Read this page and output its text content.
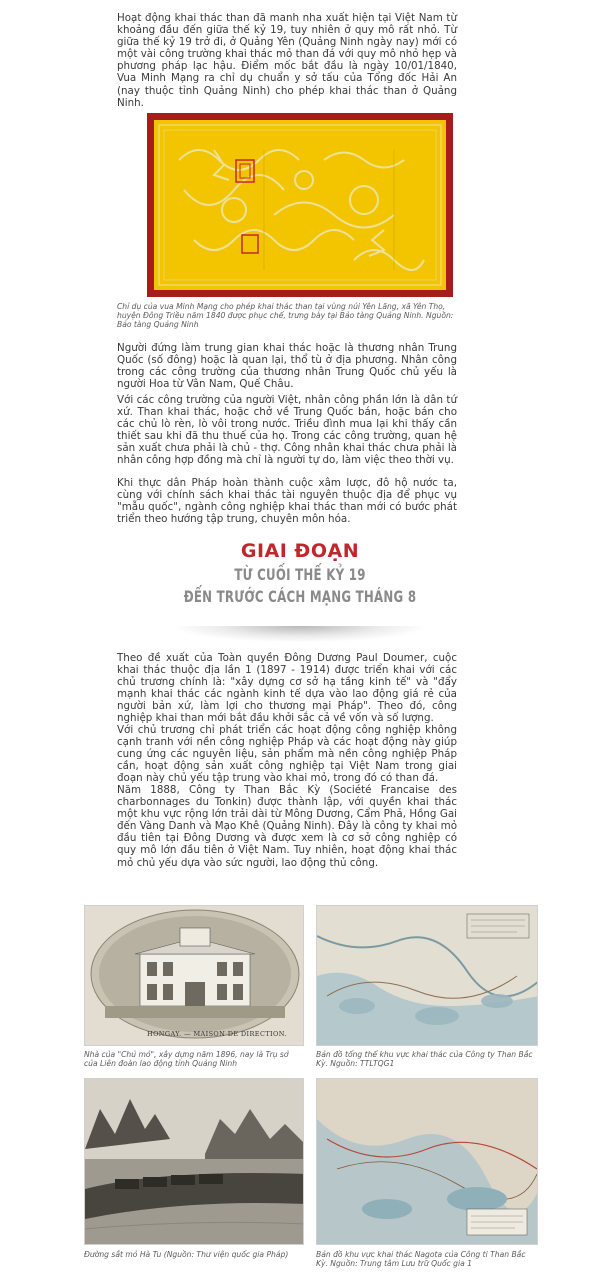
Hoạt động khai thác than đã manh nha xuất hiện tại Việt Nam từ khoảng đầu đến giữa thế kỷ 19, tuy nhiên ở quy mô rất nhỏ. Từ giữa thế kỷ 19 trở đi, ở Quảng Yên (Quảng Ninh ngày nay) mới có một vài công trường khai thác mỏ than đá với quy mô nhỏ hẹp và phương pháp lạc hậu. Điểm mốc bắt đầu là ngày 10/01/1840, Vua Minh Mạng ra chỉ dụ chuẩn y sở tấu của Tổng đốc Hải An (nay thuộc tỉnh Quảng Ninh) cho phép khai thác than ở Quảng Ninh.

Chỉ dụ của vua Minh Mạng cho phép khai thác than tại vùng núi Yên Lãng, xã Yên Thọ, huyện Đông Triều năm 1840 được phục chế, trưng bày tại Bảo tàng Quảng Ninh. Nguồn: Bảo tàng Quảng Ninh

Người đứng làm trung gian khai thác hoặc là thương nhân Trung Quốc (số đông) hoặc là quan lại, thổ tù ở địa phương. Nhân công trong các công trường của thương nhân Trung Quốc chủ yếu là người Hoa từ Vân Nam, Quế Châu.

Với các công trường của người Việt, nhân công phần lớn là dân tứ xứ. Than khai thác, hoặc chở về Trung Quốc bán, hoặc bán cho các chủ lò rèn, lò vôi trong nước. Triều đình mua lại khi thấy cần thiết sau khi đã thu thuế của họ. Trong các công trường, quan hệ sản xuất chưa phải là chủ - thợ. Công nhân khai thác chưa phải là nhân công hợp đồng mà chỉ là người tự do, làm việc theo thời vụ.

Khi thực dân Pháp hoàn thành cuộc xâm lược, đô hộ nước ta, cùng với chính sách khai thác tài nguyên thuộc địa để phục vụ "mẫu quốc", ngành công nghiệp khai thác than mới có bước phát triển theo hướng tập trung, chuyên môn hóa.

GIAI ĐOẠN
TỪ CUỐI THẾ KỶ 19
ĐẾN TRƯỚC CÁCH MẠNG THÁNG 8

Theo đề xuất của Toàn quyền Đông Dương Paul Doumer, cuộc khai thác thuộc địa lần 1 (1897 - 1914) được triển khai với các chủ trương chính là: "xây dựng cơ sở hạ tầng kinh tế" và "đẩy mạnh khai thác các ngành kinh tế dựa vào lao động giá rẻ của người bản xứ, làm lợi cho thương mại Pháp". Theo đó, công nghiệp khai than mới bắt đầu khởi sắc cả về vốn và số lượng.

Với chủ trương chỉ phát triển các hoạt động công nghiệp không cạnh tranh với nền công nghiệp Pháp và các hoạt động này giúp cung ứng các nguyên liệu, sản phẩm mà nền công nghiệp Pháp cần, hoạt động sản xuất công nghiệp tại Việt Nam trong giai đoạn này chủ yếu tập trung vào khai mỏ, trong đó có than đá.

Năm 1888, Công ty Than Bắc Kỳ (Société Francaise des charbonnages du Tonkin) được thành lập, với quyền khai thác một khu vực rộng lớn trải dài từ Mông Dương, Cẩm Phả, Hồng Gai đến Vàng Danh và Mạo Khê (Quảng Ninh). Đây là công ty khai mỏ đầu tiên tại Đông Dương và được xem là cơ sở công nghiệp có quy mô lớn đầu tiên ở Việt Nam. Tuy nhiên, hoạt động khai thác mỏ chủ yếu dựa vào sức người, lao động thủ công.

HONGAY. — MAISON DE DIRECTION.

Nhà của "Chủ mỏ", xây dựng năm 1896, nay là Trụ sở của Liên đoàn lao động tỉnh Quảng Ninh

Bản đồ tổng thể khu vực khai thác của Công ty Than Bắc Kỳ. Nguồn: TTLTQG1

Đường sắt mỏ Hà Tu (Nguồn: Thư viện quốc gia Pháp)	Bản đồ khu vực khai thác Nagota của Công ti Than Bắc Kỳ. Nguồn: Trung tâm Lưu trữ Quốc gia 1
